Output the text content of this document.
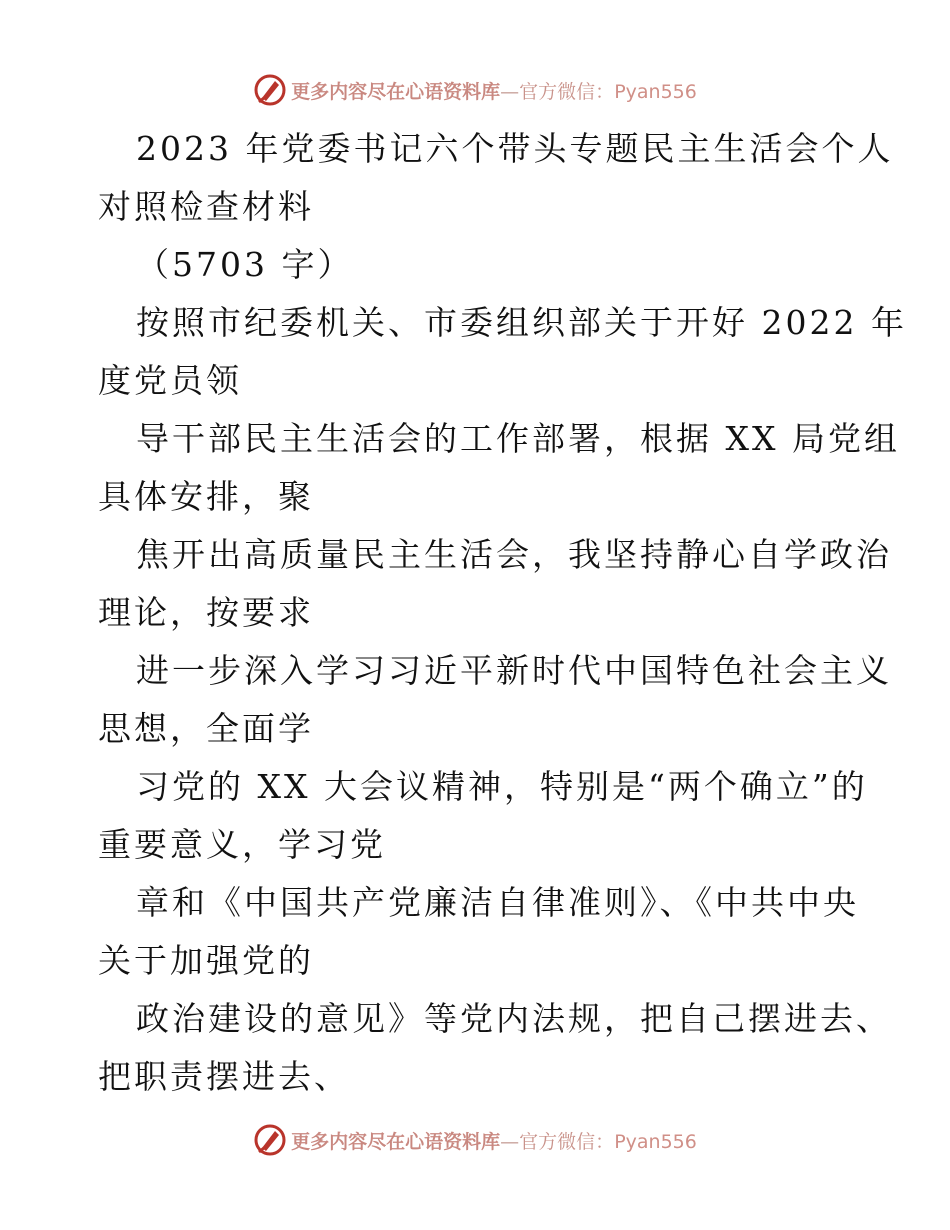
更多内容尽在心语资料库—官方微信：Pyan556
2023 年党委书记六个带头专题民主生活会个人
对照检查材料
（5703 字）
按照市纪委机关、市委组织部关于开好 2022 年
度党员领
导干部民主生活会的工作部署，根据 XX 局党组
具体安排，聚
焦开出高质量民主生活会，我坚持静心自学政治
理论，按要求
进一步深入学习习近平新时代中国特色社会主义
思想，全面学
习党的 XX 大会议精神，特别是“两个确立”的
重要意义，学习党
章和《中国共产党廉洁自律准则》、《中共中央
关于加强党的
政治建设的意见》等党内法规，把自己摆进去、
把职责摆进去、
更多内容尽在心语资料库—官方微信：Pyan556
